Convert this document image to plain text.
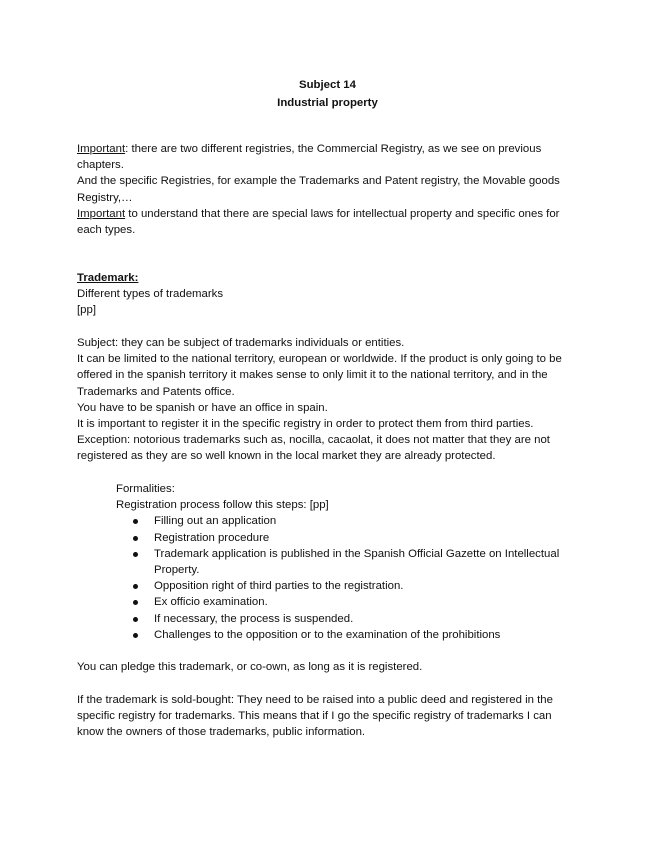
Subject 14
Industrial property

Important: there are two different registries, the Commercial Registry, as we see on previous chapters.

And the specific Registries, for example the Trademarks and Patent registry, the Movable goods Registry,…

Important to understand that there are special laws for intellectual property and specific ones for each types.

Trademark:

Different types of trademarks

[pp]

Subject: they can be subject of trademarks individuals or entities.

It can be limited to the national territory, european or worldwide. If the product is only going to be offered in the spanish territory it makes sense to only limit it to the national territory, and in the Trademarks and Patents office.

You have to be spanish or have an office in spain.

It is important to register it in the specific registry in order to protect them from third parties.

Exception: notorious trademarks such as, nocilla, cacaolat, it does not matter that they are not registered as they are so well known in the local market they are already protected.

Formalities:

Registration process follow this steps: [pp]

Filling out an application
Registration procedure
Trademark application is published in the Spanish Official Gazette on Intellectual Property.
Opposition right of third parties to the registration.
Ex officio examination.
If necessary, the process is suspended.
Challenges to the opposition or to the examination of the prohibitions

You can pledge this trademark, or co-own, as long as it is registered.

If the trademark is sold-bought: They need to be raised into a public deed and registered in the specific registry for trademarks. This means that if I go the specific registry of trademarks I can know the owners of those trademarks, public information.
